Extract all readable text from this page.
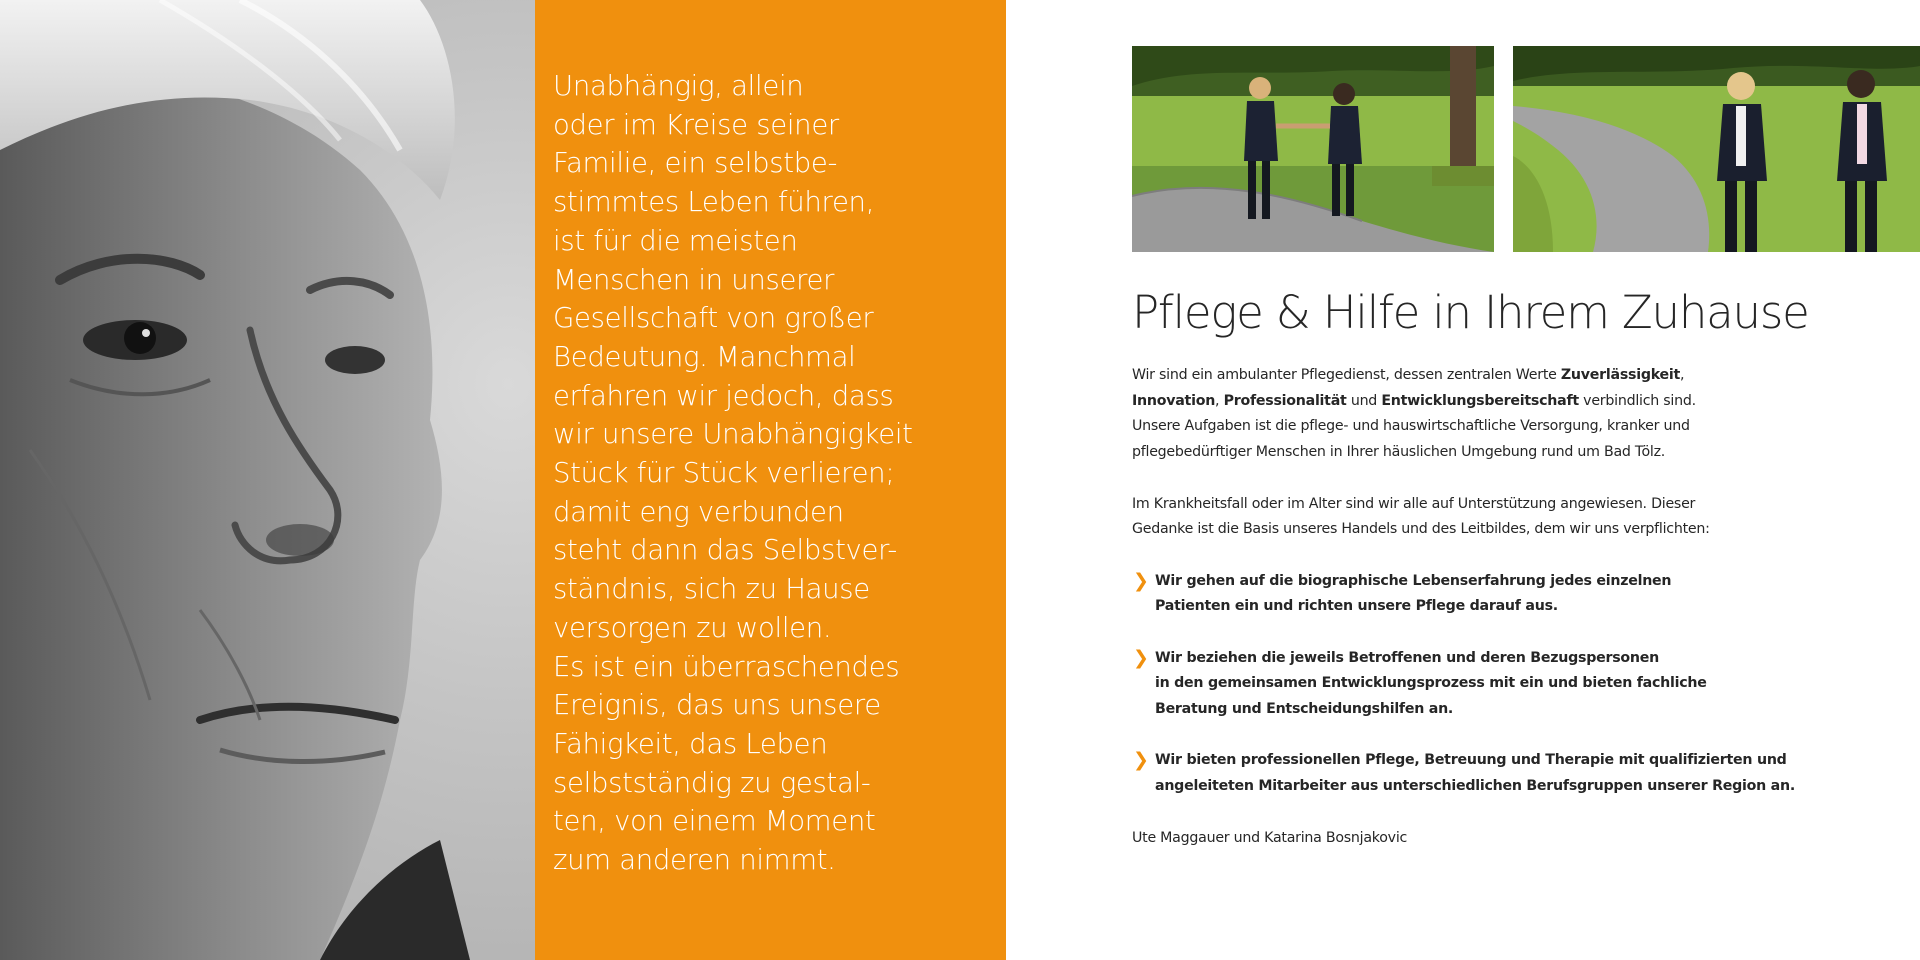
Unabhängig, allein

oder im Kreise seiner

Familie, ein selbstbe-

stimmtes Leben führen,

ist für die meisten

Menschen in unserer

Gesellschaft von großer

Bedeutung. Manchmal

erfahren wir jedoch, dass

wir unsere Unabhängigkeit

Stück für Stück verlieren;

damit eng verbunden

steht dann das Selbstver-

ständnis, sich zu Hause

versorgen zu wollen.

Es ist ein überraschendes

Ereignis, das uns unsere

Fähigkeit, das Leben

selbstständig zu gestal-

ten, von einem Moment

zum anderen nimmt.

Pflege & Hilfe in Ihrem Zuhause

Wir sind ein ambulanter Pflegedienst, dessen zentralen Werte Zuverlässigkeit,
Innovation, Professionalität und Entwicklungsbereitschaft verbindlich sind.
Unsere Aufgaben ist die pflege- und hauswirtschaftliche Versorgung, kranker und
pflegebedürftiger Menschen in Ihrer häuslichen Umgebung rund um Bad Tölz.

Im Krankheitsfall oder im Alter sind wir alle auf Unterstützung angewiesen. Dieser
Gedanke ist die Basis unseres Handels und des Leitbildes, dem wir uns verpflichten:

❯ Wir gehen auf die biographische Lebenserfahrung jedes einzelnen
Patienten ein und richten unsere Pflege darauf aus.
❯ Wir beziehen die jeweils Betroffenen und deren Bezugspersonen
in den gemeinsamen Entwicklungsprozess mit ein und bieten fachliche
Beratung und Entscheidungshilfen an.
❯ Wir bieten professionellen Pflege, Betreuung und Therapie mit qualifizierten und
angeleiteten Mitarbeiter aus unterschiedlichen Berufsgruppen unserer Region an.

Ute Maggauer und Katarina Bosnjakovic
